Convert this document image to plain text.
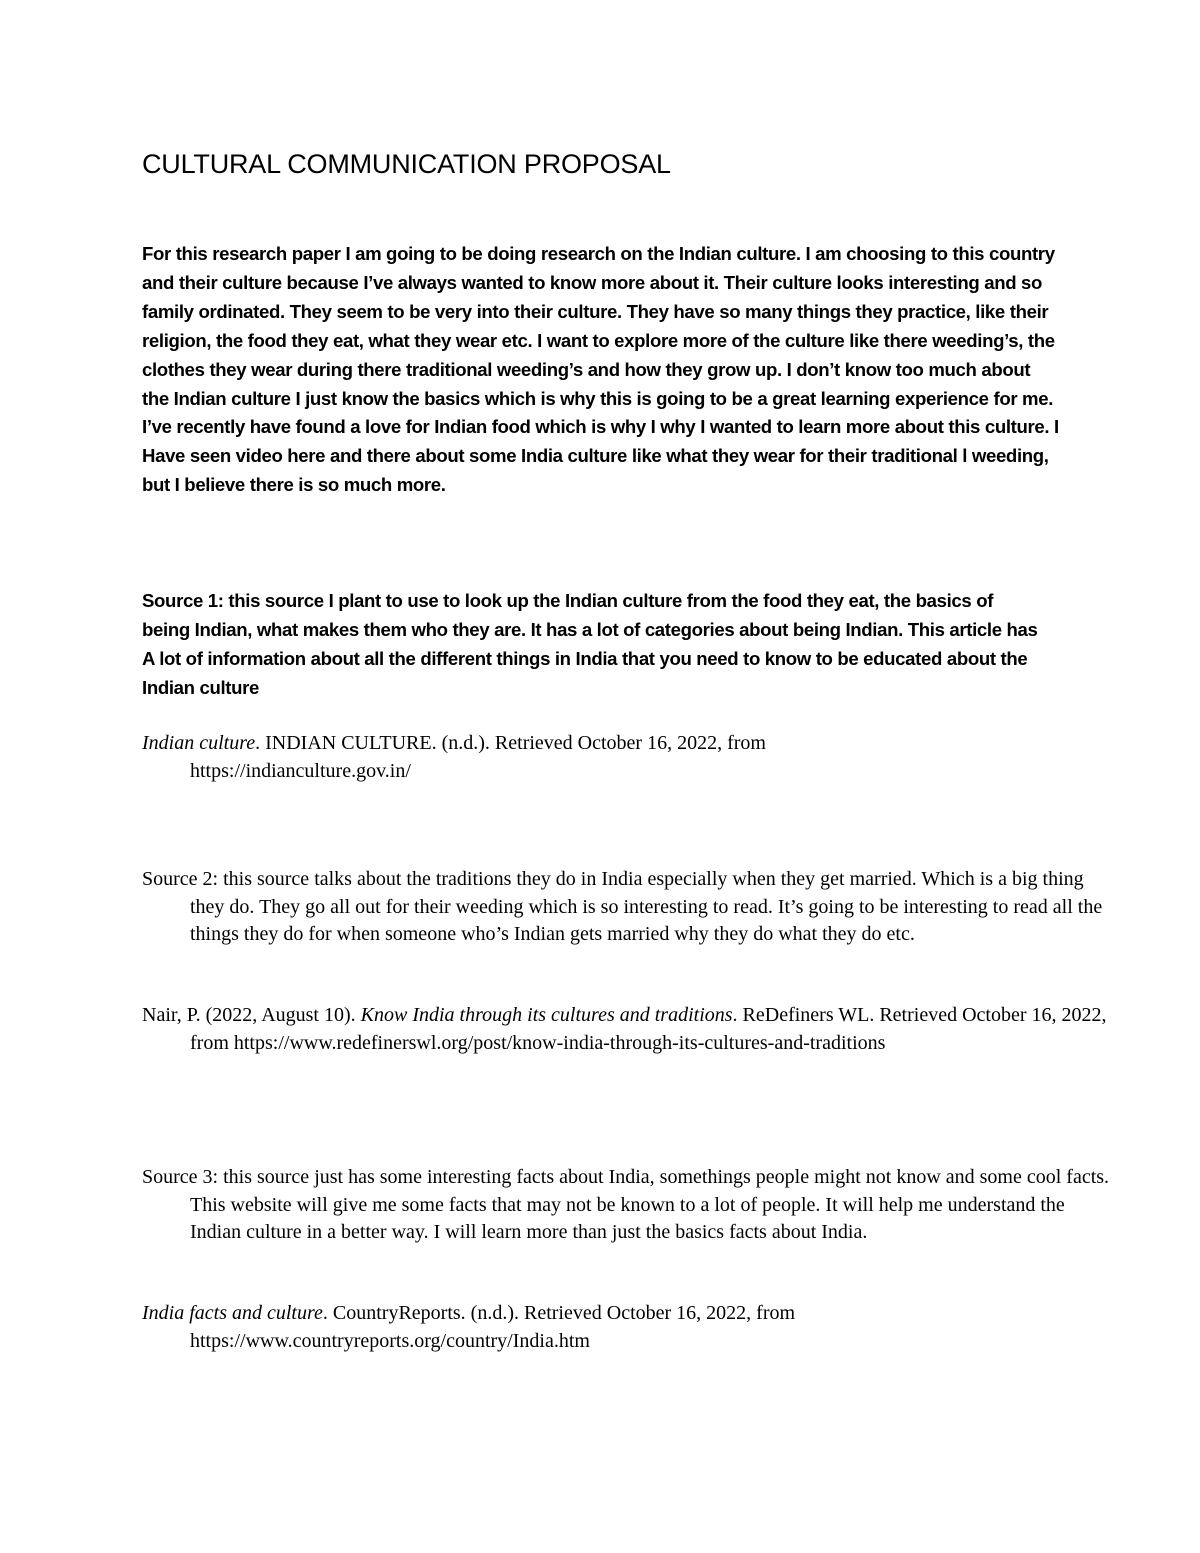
CULTURAL COMMUNICATION PROPOSAL

For this research paper I am going to be doing research on the Indian culture. I am choosing to this country and their culture because I’ve always wanted to know more about it. Their culture looks interesting and so family ordinated. They seem to be very into their culture. They have so many things they practice, like their religion, the food they eat, what they wear etc. I want to explore more of the culture like there weeding’s, the clothes they wear during there traditional weeding’s and how they grow up. I don’t know too much about the Indian culture I just know the basics which is why this is going to be a great learning experience for me. I’ve recently have found a love for Indian food which is why I why I wanted to learn more about this culture. I Have seen video here and there about some India culture like what they wear for their traditional l weeding, but I believe there is so much more.

Source 1: this source I plant to use to look up the Indian culture from the food they eat, the basics of being Indian, what makes them who they are. It has a lot of categories about being Indian. This article has A lot of information about all the different things in India that you need to know to be educated about the Indian culture

Indian culture. INDIAN CULTURE. (n.d.). Retrieved October 16, 2022, from https://indianculture.gov.in/

Source 2: this source talks about the traditions they do in India especially when they get married. Which is a big thing they do. They go all out for their weeding which is so interesting to read. It’s going to be interesting to read all the things they do for when someone who’s Indian gets married why they do what they do etc.

Nair, P. (2022, August 10). Know India through its cultures and traditions. ReDefiners WL. Retrieved October 16, 2022, from https://www.redefinerswl.org/post/know-india-through-its-cultures-and-traditions

Source 3: this source just has some interesting facts about India, somethings people might not know and some cool facts. This website will give me some facts that may not be known to a lot of people. It will help me understand the Indian culture in a better way. I will learn more than just the basics facts about India.

India facts and culture. CountryReports. (n.d.). Retrieved October 16, 2022, from https://www.countryreports.org/country/India.htm
